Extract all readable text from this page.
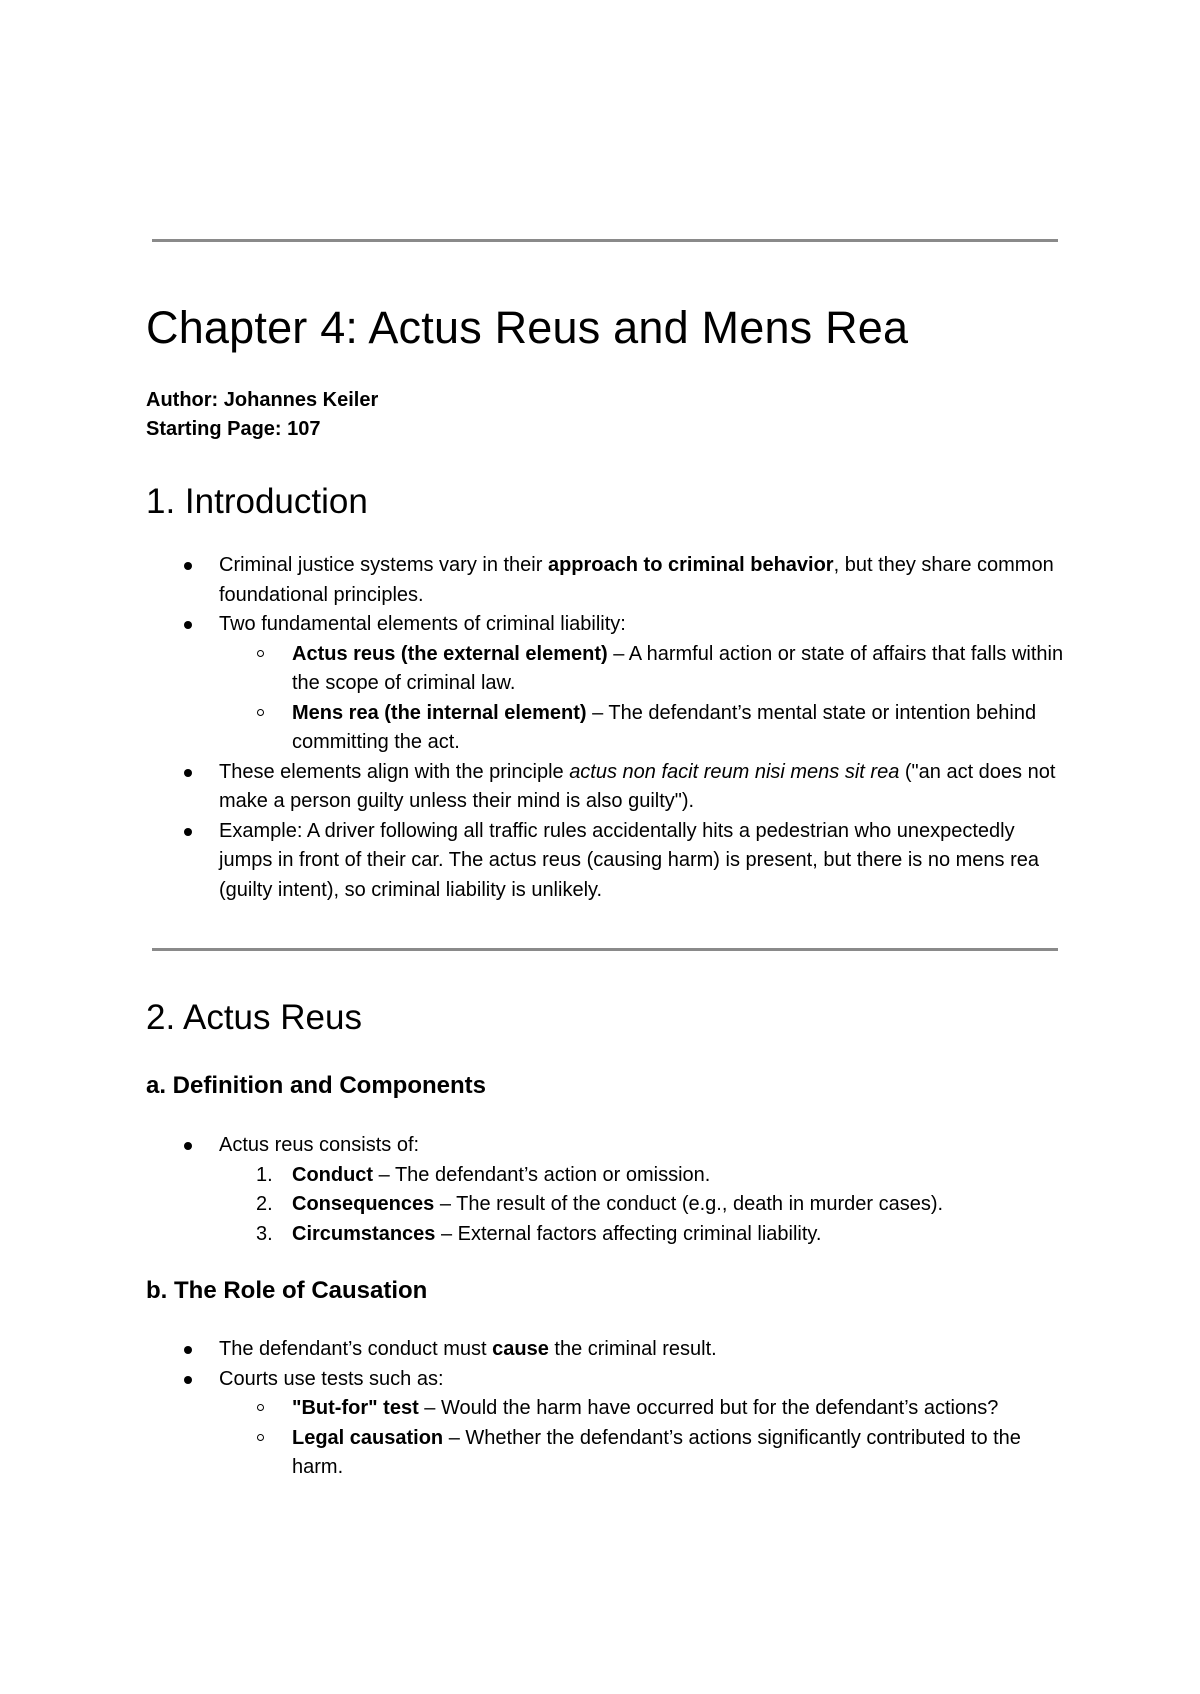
Chapter 4: Actus Reus and Mens Rea
Author: Johannes Keiler
Starting Page: 107
1. Introduction
Criminal justice systems vary in their approach to criminal behavior, but they share common foundational principles.
Two fundamental elements of criminal liability:
Actus reus (the external element) – A harmful action or state of affairs that falls within the scope of criminal law.
Mens rea (the internal element) – The defendant’s mental state or intention behind committing the act.
These elements align with the principle actus non facit reum nisi mens sit rea ("an act does not make a person guilty unless their mind is also guilty").
Example: A driver following all traffic rules accidentally hits a pedestrian who unexpectedly jumps in front of their car. The actus reus (causing harm) is present, but there is no mens rea (guilty intent), so criminal liability is unlikely.
2. Actus Reus
a. Definition and Components
Actus reus consists of:
1. Conduct – The defendant’s action or omission.
2. Consequences – The result of the conduct (e.g., death in murder cases).
3. Circumstances – External factors affecting criminal liability.
b. The Role of Causation
The defendant’s conduct must cause the criminal result.
Courts use tests such as:
"But-for" test – Would the harm have occurred but for the defendant’s actions?
Legal causation – Whether the defendant’s actions significantly contributed to the harm.
